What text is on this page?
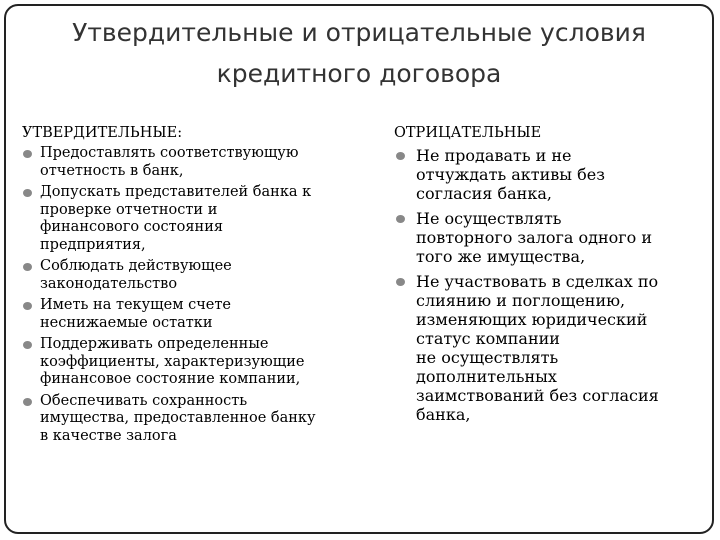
Утвердительные и отрицательные условия
кредитного договора
УТВЕРДИТЕЛЬНЫЕ:
Предоставлять соответствующую
отчетность в банк,
Допускать представителей банка к
проверке отчетности и
финансового состояния
предприятия,
Соблюдать действующее
законодательство
Иметь на текущем счете
неснижаемые остатки
Поддерживать определенные
коэффициенты, характеризующие
финансовое состояние компании,
Обеспечивать сохранность
имущества, предоставленное банку
в качестве залога
ОТРИЦАТЕЛЬНЫЕ
Не продавать и не
отчуждать активы без
согласия банка,
Не осуществлять
повторного залога одного и
того же имущества,
Не участвовать в сделках по
слиянию и поглощению,
изменяющих юридический
статус компании
не осуществлять
дополнительных
заимствований без согласия
банка,
